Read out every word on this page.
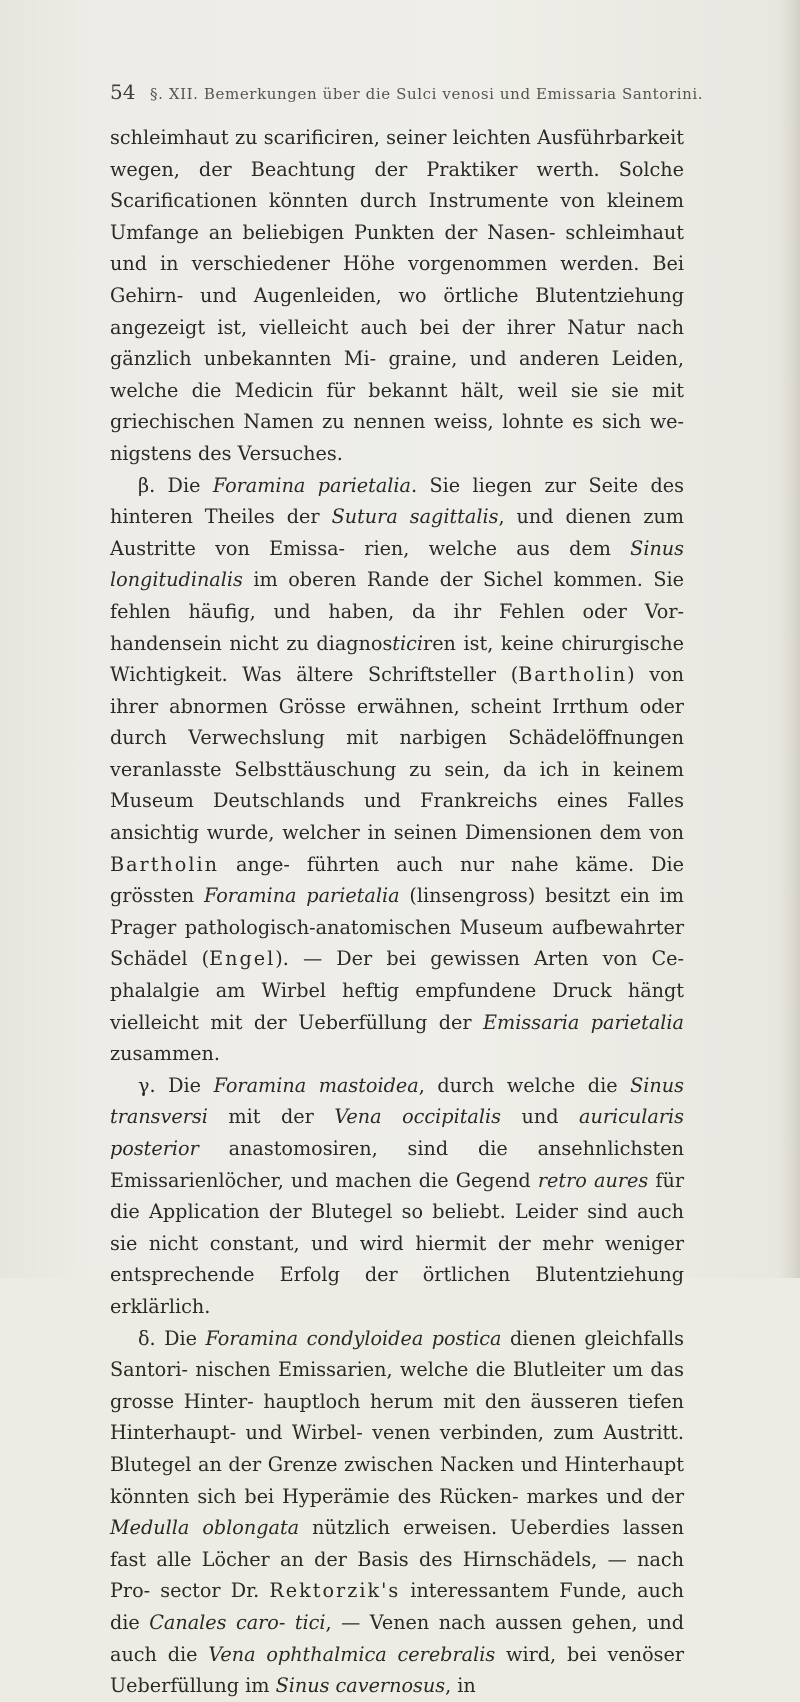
54 §. XII. Bemerkungen über die Sulci venosi und Emissaria Santorini.

schleimhaut zu scarificiren, seiner leichten Ausführbarkeit wegen, der Beachtung der Praktiker werth. Solche Scarificationen könnten durch Instrumente von kleinem Umfange an beliebigen Punkten der Nasen- schleimhaut und in verschiedener Höhe vorgenommen werden. Bei Gehirn- und Augenleiden, wo örtliche Blutentziehung angezeigt ist, vielleicht auch bei der ihrer Natur nach gänzlich unbekannten Mi- graine, und anderen Leiden, welche die Medicin für bekannt hält, weil sie sie mit griechischen Namen zu nennen weiss, lohnte es sich we- nigstens des Versuches.

β. Die Foramina parietalia. Sie liegen zur Seite des hinteren Theiles der Sutura sagittalis, und dienen zum Austritte von Emissa- rien, welche aus dem Sinus longitudinalis im oberen Rande der Sichel kommen. Sie fehlen häufig, und haben, da ihr Fehlen oder Vor- handensein nicht zu diagnosticiren ist, keine chirurgische Wichtigkeit. Was ältere Schriftsteller (Bartholin) von ihrer abnormen Grösse erwähnen, scheint Irrthum oder durch Verwechslung mit narbigen Schädelöffnungen veranlasste Selbsttäuschung zu sein, da ich in keinem Museum Deutschlands und Frankreichs eines Falles ansichtig wurde, welcher in seinen Dimensionen dem von Bartholin ange- führten auch nur nahe käme. Die grössten Foramina parietalia (linsengross) besitzt ein im Prager pathologisch-anatomischen Museum aufbewahrter Schädel (Engel). — Der bei gewissen Arten von Ce- phalalgie am Wirbel heftig empfundene Druck hängt vielleicht mit der Ueberfüllung der Emissaria parietalia zusammen.

γ. Die Foramina mastoidea, durch welche die Sinus transversi mit der Vena occipitalis und auricularis posterior anastomosiren, sind die ansehnlichsten Emissarienlöcher, und machen die Gegend retro aures für die Application der Blutegel so beliebt. Leider sind auch sie nicht constant, und wird hiermit der mehr weniger entsprechende Erfolg der örtlichen Blutentziehung erklärlich.

δ. Die Foramina condyloidea postica dienen gleichfalls Santori- nischen Emissarien, welche die Blutleiter um das grosse Hinter- hauptloch herum mit den äusseren tiefen Hinterhaupt- und Wirbel- venen verbinden, zum Austritt. Blutegel an der Grenze zwischen Nacken und Hinterhaupt könnten sich bei Hyperämie des Rücken- markes und der Medulla oblongata nützlich erweisen. Ueberdies lassen fast alle Löcher an der Basis des Hirnschädels, — nach Pro- sector Dr. Rektorzik's interessantem Funde, auch die Canales caro- tici, — Venen nach aussen gehen, und auch die Vena ophthalmica cerebralis wird, bei venöser Ueberfüllung im Sinus cavernosus, in
